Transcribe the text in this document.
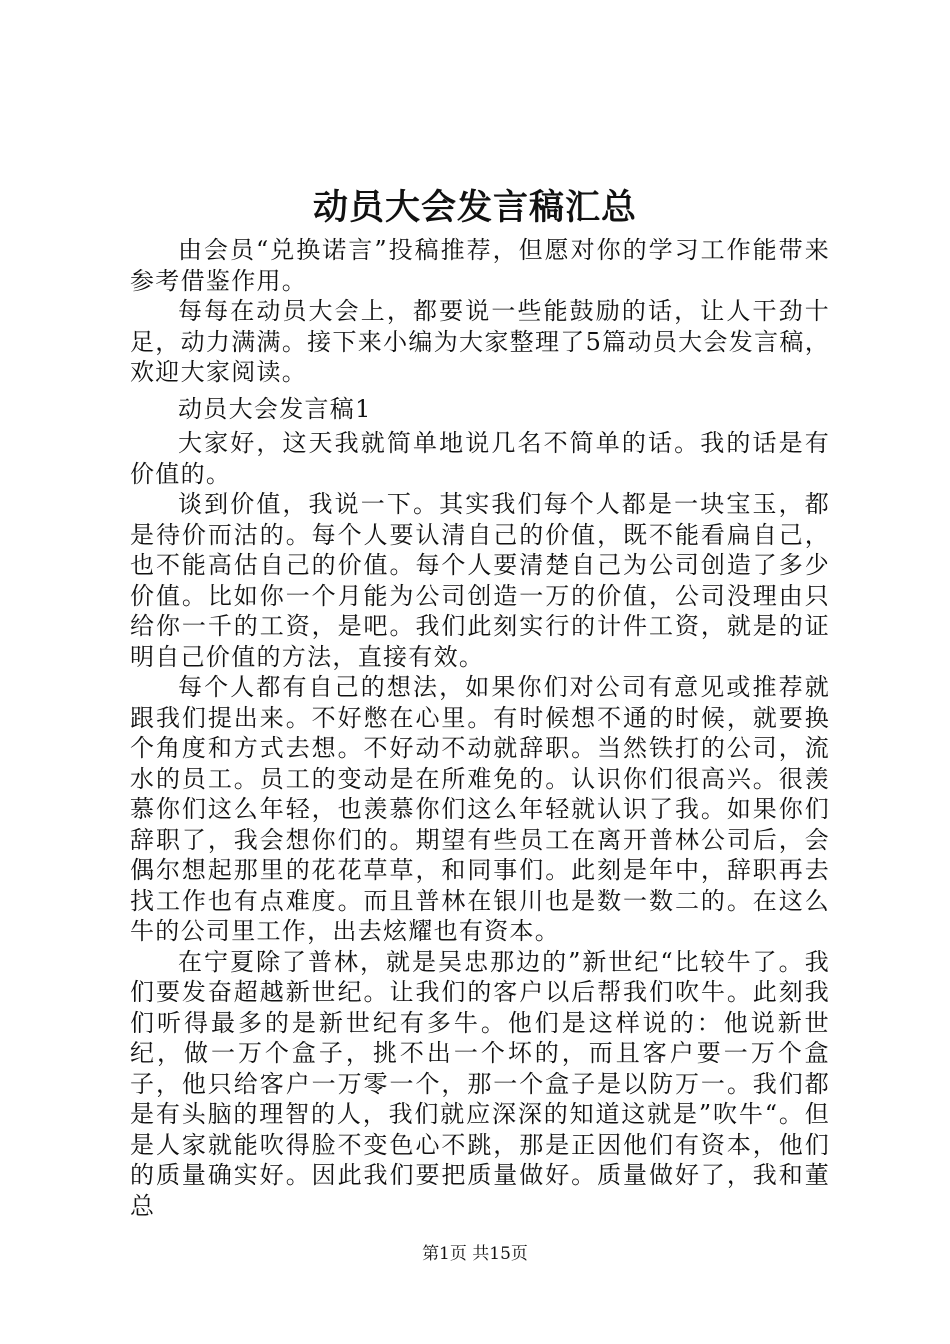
动员大会发言稿汇总

由会员“兑换诺言”投稿推荐，但愿对你的学习工作能带来参考借鉴作用。

每每在动员大会上，都要说一些能鼓励的话，让人干劲十足，动力满满。接下来小编为大家整理了5篇动员大会发言稿，欢迎大家阅读。

动员大会发言稿1

大家好，这天我就简单地说几名不简单的话。我的话是有价值的。

谈到价值，我说一下。其实我们每个人都是一块宝玉，都是待价而沽的。每个人要认清自己的价值，既不能看扁自己，也不能高估自己的价值。每个人要清楚自己为公司创造了多少价值。比如你一个月能为公司创造一万的价值，公司没理由只给你一千的工资，是吧。我们此刻实行的计件工资，就是的证明自己价值的方法，直接有效。

每个人都有自己的想法，如果你们对公司有意见或推荐就跟我们提出来。不好憋在心里。有时候想不通的时候，就要换个角度和方式去想。不好动不动就辞职。当然铁打的公司，流水的员工。员工的变动是在所难免的。认识你们很高兴。很羡慕你们这么年轻，也羡慕你们这么年轻就认识了我。如果你们辞职了，我会想你们的。期望有些员工在离开普林公司后，会偶尔想起那里的花花草草，和同事们。此刻是年中，辞职再去找工作也有点难度。而且普林在银川也是数一数二的。在这么牛的公司里工作，出去炫耀也有资本。

在宁夏除了普林，就是吴忠那边的”新世纪“比较牛了。我们要发奋超越新世纪。让我们的客户以后帮我们吹牛。此刻我们听得最多的是新世纪有多牛。他们是这样说的：他说新世纪，做一万个盒子，挑不出一个坏的，而且客户要一万个盒子，他只给客户一万零一个，那一个盒子是以防万一。我们都是有头脑的理智的人，我们就应深深的知道这就是”吹牛“。但是人家就能吹得脸不变色心不跳，那是正因他们有资本，他们的质量确实好。因此我们要把质量做好。质量做好了，我和董总

第1页 共15页
